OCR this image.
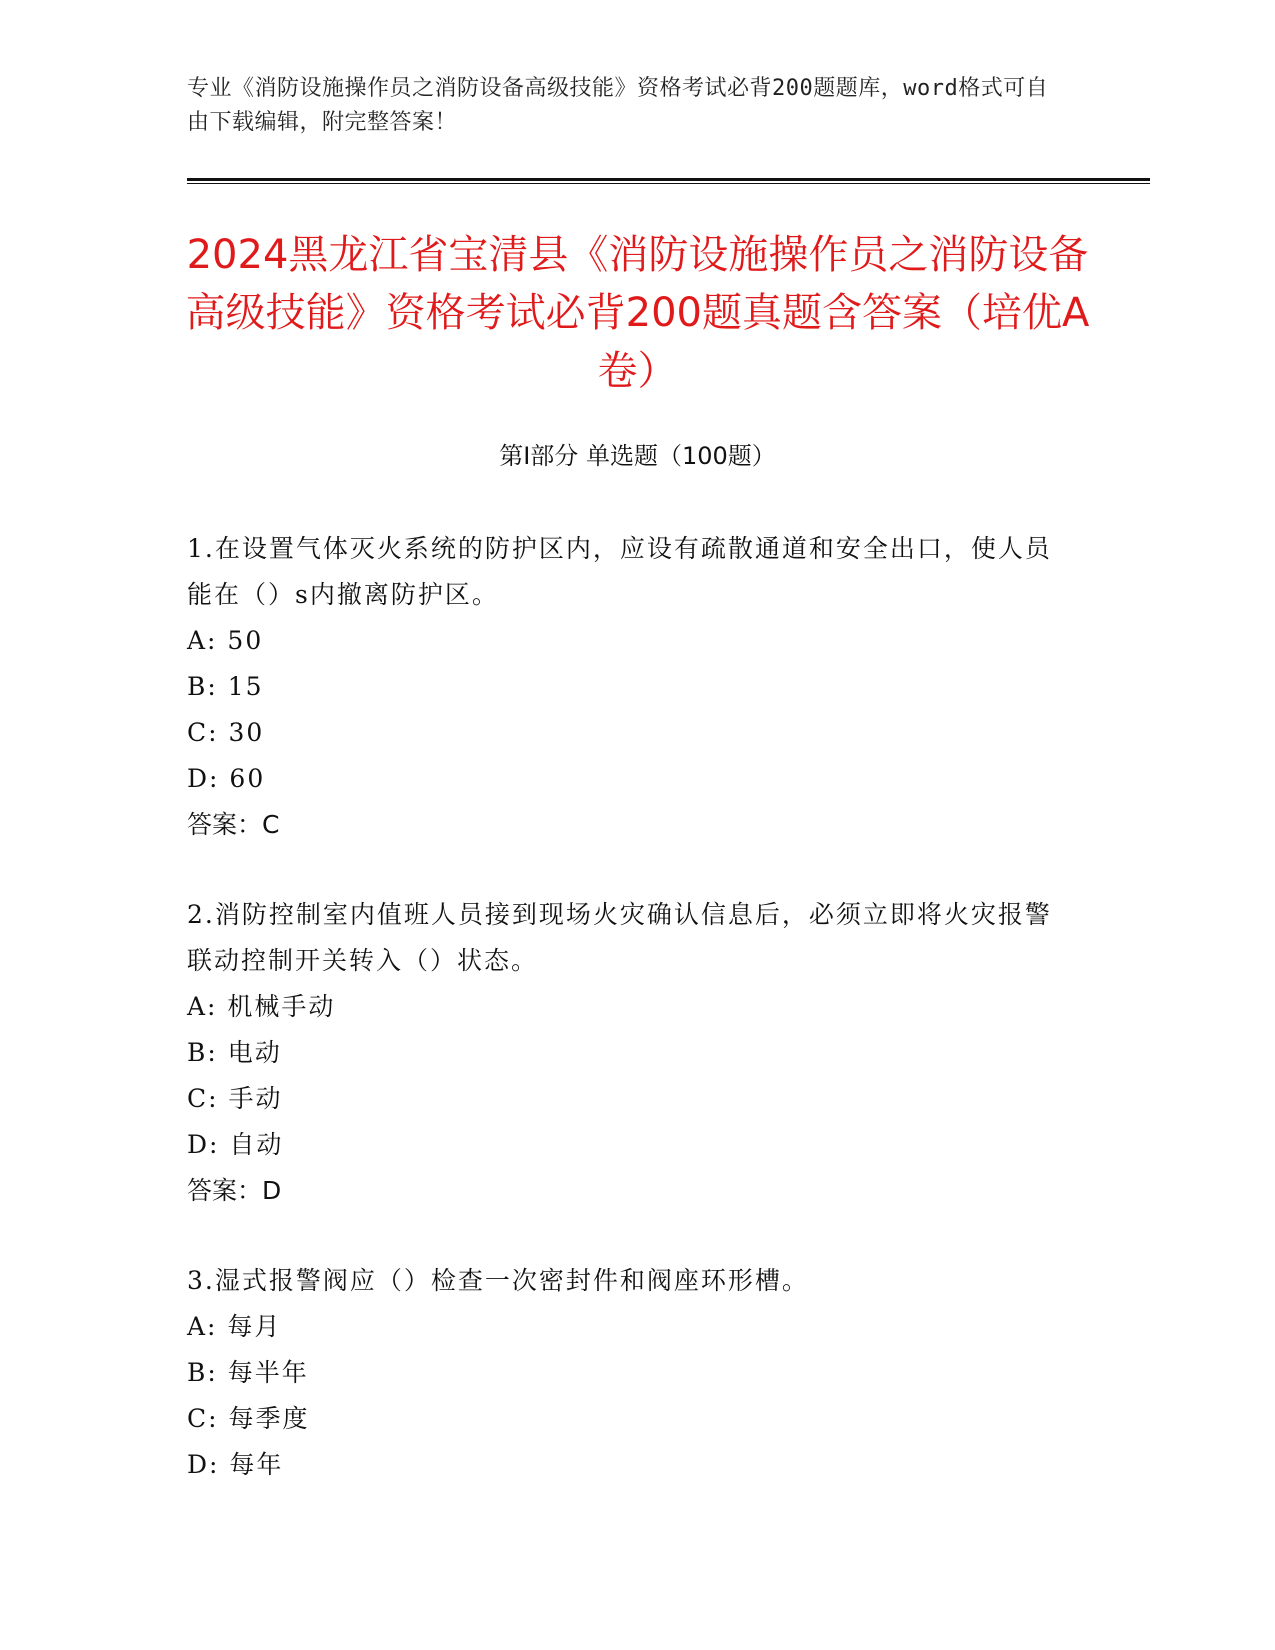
专业《消防设施操作员之消防设备高级技能》资格考试必背200题题库，word格式可自由下载编辑，附完整答案！
2024黑龙江省宝清县《消防设施操作员之消防设备高级技能》资格考试必背200题真题含答案（培优A卷）
第Ⅰ部分 单选题（100题）

1.在设置气体灭火系统的防护区内，应设有疏散通道和安全出口，使人员能在（）s内撤离防护区。

A: 50

B: 15

C: 30

D: 60

答案：C

2.消防控制室内值班人员接到现场火灾确认信息后，必须立即将火灾报警联动控制开关转入（）状态。

A: 机械手动

B: 电动

C: 手动

D: 自动

答案：D

3.湿式报警阀应（）检查一次密封件和阀座环形槽。

A: 每月

B: 每半年

C: 每季度

D: 每年
